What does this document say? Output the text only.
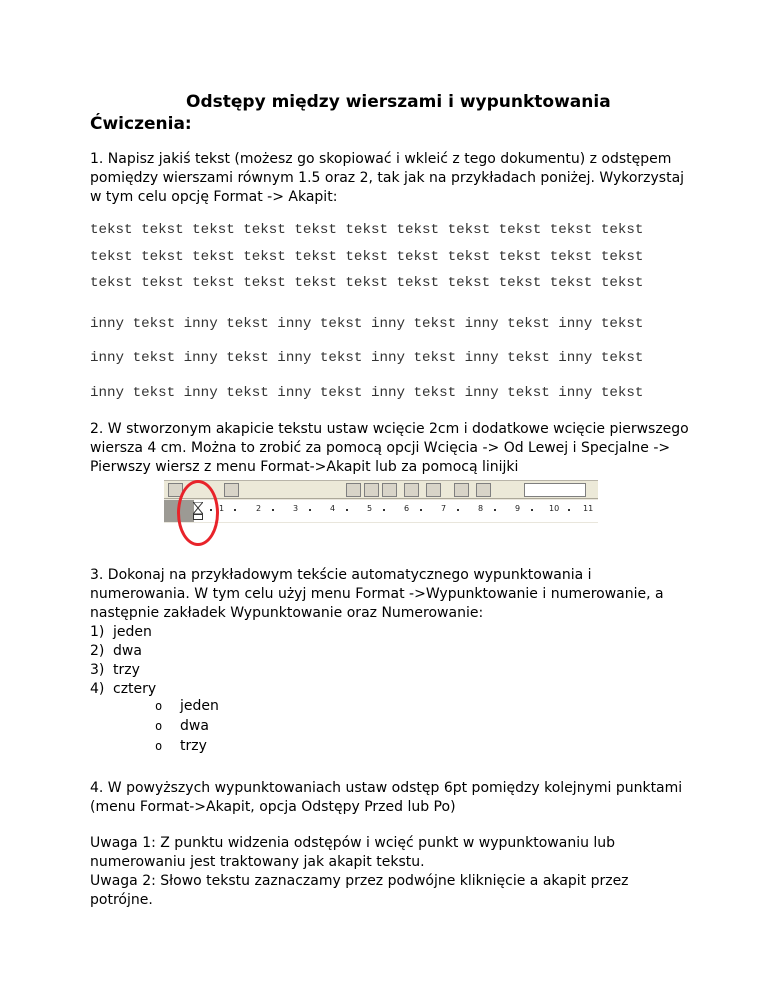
Odstępy między wierszami i wypunktowania
Ćwiczenia:
1. Napisz jakiś tekst (możesz go skopiować i wkleić z tego dokumentu) z odstępem pomiędzy wierszami równym 1.5 oraz 2, tak jak na przykładach poniżej. Wykorzystaj w tym celu opcję Format -> Akapit:
tekst tekst tekst tekst tekst tekst tekst tekst tekst tekst tekst
tekst tekst tekst tekst tekst tekst tekst tekst tekst tekst tekst
tekst tekst tekst tekst tekst tekst tekst tekst tekst tekst tekst
inny tekst inny tekst inny tekst inny tekst inny tekst inny tekst
inny tekst inny tekst inny tekst inny tekst inny tekst inny tekst
inny tekst inny tekst inny tekst inny tekst inny tekst inny tekst
2. W stworzonym akapicie tekstu ustaw wcięcie 2cm i dodatkowe wcięcie pierwszego wiersza 4 cm. Można to zrobić za pomocą opcji Wcięcia -> Od Lewej i Specjalne -> Pierwszy wiersz z menu Format->Akapit lub za pomocą linijki
1	2	3	4	5	6	7	8	9	10	11
3. Dokonaj na przykładowym tekście automatycznego wypunktowania i numerowania. W tym celu użyj menu Format ->Wypunktowanie i numerowanie, a następnie zakładek Wypunktowanie oraz Numerowanie:
1) jeden
2) dwa
3) trzy
4) cztery
o jeden
o dwa
o trzy
4. W powyższych wypunktowaniach ustaw odstęp 6pt pomiędzy kolejnymi punktami (menu Format->Akapit, opcja Odstępy Przed lub Po)
Uwaga 1: Z punktu widzenia odstępów i wcięć punkt w wypunktowaniu lub numerowaniu jest traktowany jak akapit tekstu.
Uwaga 2: Słowo tekstu zaznaczamy przez podwójne kliknięcie a akapit przez potrójne.
